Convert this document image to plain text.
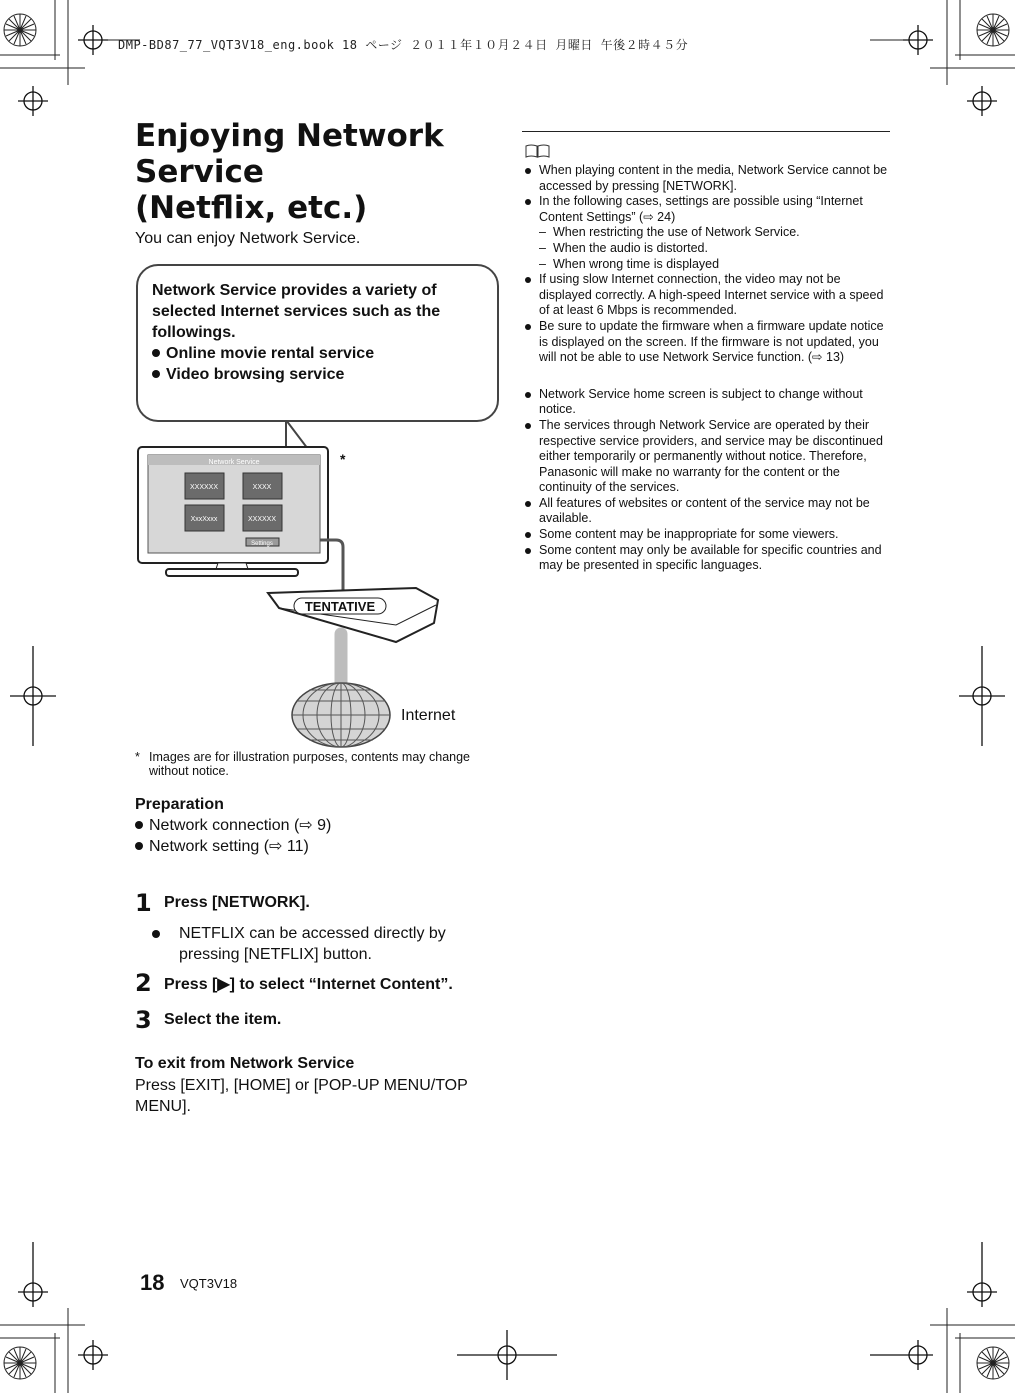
DMP-BD87_77_VQT3V18_eng.book 18 ページ ２０１１年１０月２４日 月曜日 午後２時４５分
Enjoying Network
Service
(Netflix, etc.)
You can enjoy Network Service.
Network Service
XXXXXX	XXXX
XxxXxxx	XXXXXX
Settings
*
TENTATIVE
Internet

Network Service provides a variety of selected Internet services such as the followings.

Online movie rental service
Video browsing service
* Images are for illustration purposes, contents may change without notice.
Preparation
Network connection (⇨ 9)
Network setting (⇨ 11)
1 Press [NETWORK].
NETFLIX can be accessed directly by pressing [NETFLIX] button.
2 Press [▶] to select “Internet Content”.
3 Select the item.
To exit from Network Service
Press [EXIT], [HOME] or [POP-UP MENU/TOP MENU].
When playing content in the media, Network Service cannot be accessed by pressing [NETWORK].
In the following cases, settings are possible using “Internet Content Settings” (⇨ 24)
– When restricting the use of Network Service.
– When the audio is distorted.
– When wrong time is displayed
If using slow Internet connection, the video may not be displayed correctly. A high-speed Internet service with a speed of at least 6 Mbps is recommended.
Be sure to update the firmware when a firmware update notice is displayed on the screen. If the firmware is not updated, you will not be able to use Network Service function. (⇨ 13)
Network Service home screen is subject to change without notice.
The services through Network Service are operated by their respective service providers, and service may be discontinued either temporarily or permanently without notice. Therefore, Panasonic will make no warranty for the content or the continuity of the services.
All features of websites or content of the service may not be available.
Some content may be inappropriate for some viewers.
Some content may only be available for specific countries and may be presented in specific languages.
18 VQT3V18
